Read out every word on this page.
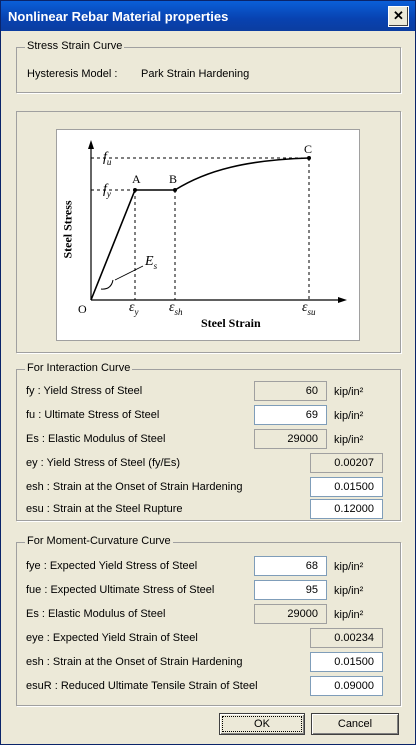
Nonlinear Rebar Material properties	✕
Stress Strain Curve
Hysteresis Model : Park Strain Hardening
$f_u$
$f_y$
A B
C
O
$E_s$
$\varepsilon_y$ $\varepsilon_{sh}$	$\varepsilon_{su}$
Steel Strain
Steel Stress
For Interaction Curve
fy : Yield Stress of Steel	60	kip/in²
fu : Ultimate Stress of Steel	69	kip/in²
Es : Elastic Modulus of Steel	29000	kip/in²
ey : Yield Stress of Steel (fy/Es)	0.00207
esh : Strain at the Onset of Strain Hardening	0.01500
esu : Strain at the Steel Rupture	0.12000
For Moment-Curvature Curve
fye : Expected Yield Stress of Steel	68	kip/in²
fue : Expected Ultimate Stress of Steel	95	kip/in²
Es : Elastic Modulus of Steel	29000	kip/in²
eye : Expected Yield Strain of Steel	0.00234
esh : Strain at the Onset of Strain Hardening	0.01500
esuR : Reduced Ultimate Tensile Strain of Steel	0.09000
OK	Cancel
